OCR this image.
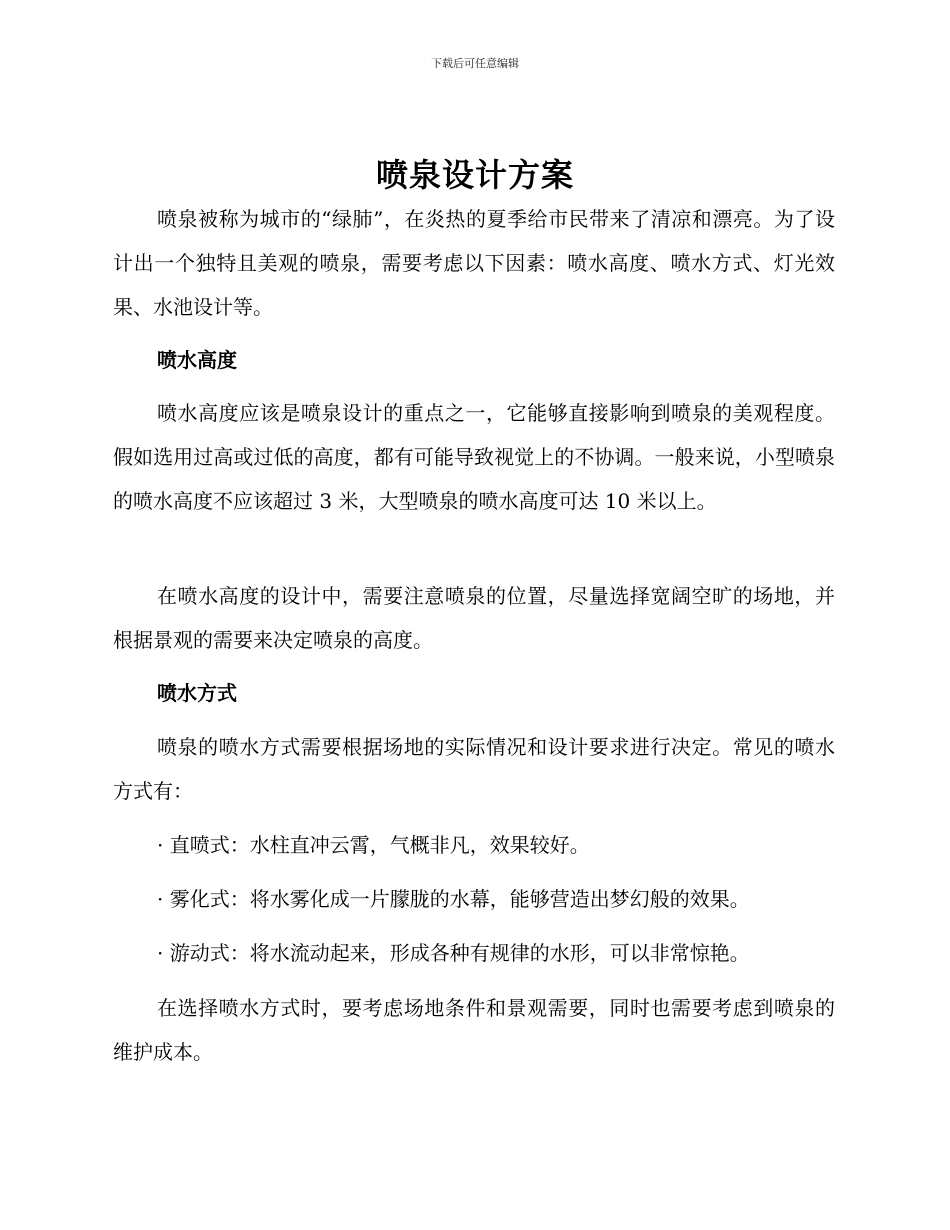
下载后可任意编辑
喷泉设计方案

喷泉被称为城市的“绿肺”，在炎热的夏季给市民带来了清凉和漂亮。为了设计出一个独特且美观的喷泉，需要考虑以下因素：喷水高度、喷水方式、灯光效果、水池设计等。

喷水高度

喷水高度应该是喷泉设计的重点之一，它能够直接影响到喷泉的美观程度。假如选用过高或过低的高度，都有可能导致视觉上的不协调。一般来说，小型喷泉的喷水高度不应该超过 3 米，大型喷泉的喷水高度可达 10 米以上。

在喷水高度的设计中，需要注意喷泉的位置，尽量选择宽阔空旷的场地，并根据景观的需要来决定喷泉的高度。

喷水方式

喷泉的喷水方式需要根据场地的实际情况和设计要求进行决定。常见的喷水方式有：

· 直喷式：水柱直冲云霄，气概非凡，效果较好。

· 雾化式：将水雾化成一片朦胧的水幕，能够营造出梦幻般的效果。

· 游动式：将水流动起来，形成各种有规律的水形，可以非常惊艳。

在选择喷水方式时，要考虑场地条件和景观需要，同时也需要考虑到喷泉的维护成本。
